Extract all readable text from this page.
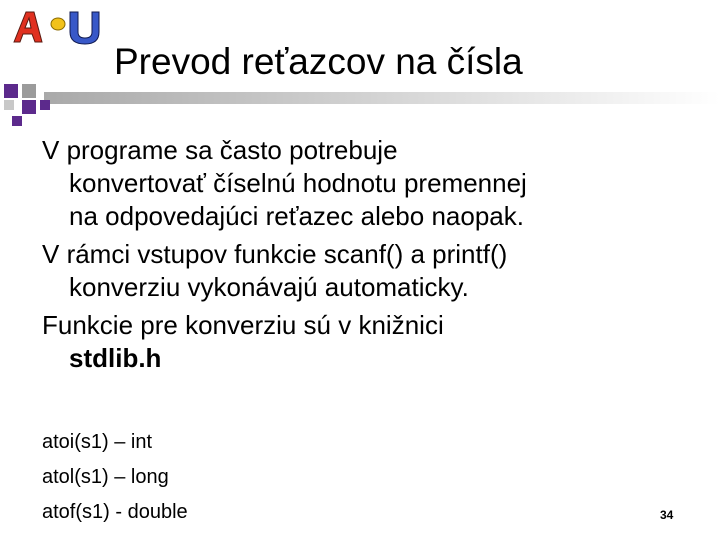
Prevod reťazcov na čísla

V programe sa často potrebuje
konvertovať číselnú hodnotu premennej
na odpovedajúci reťazec alebo naopak.

V rámci vstupov funkcie scanf() a printf()
konverziu vykonávajú automaticky.

Funkcie pre konverziu sú v knižnici
stdlib.h

atoi(s1) – int
atol(s1) – long
atof(s1) - double	34
